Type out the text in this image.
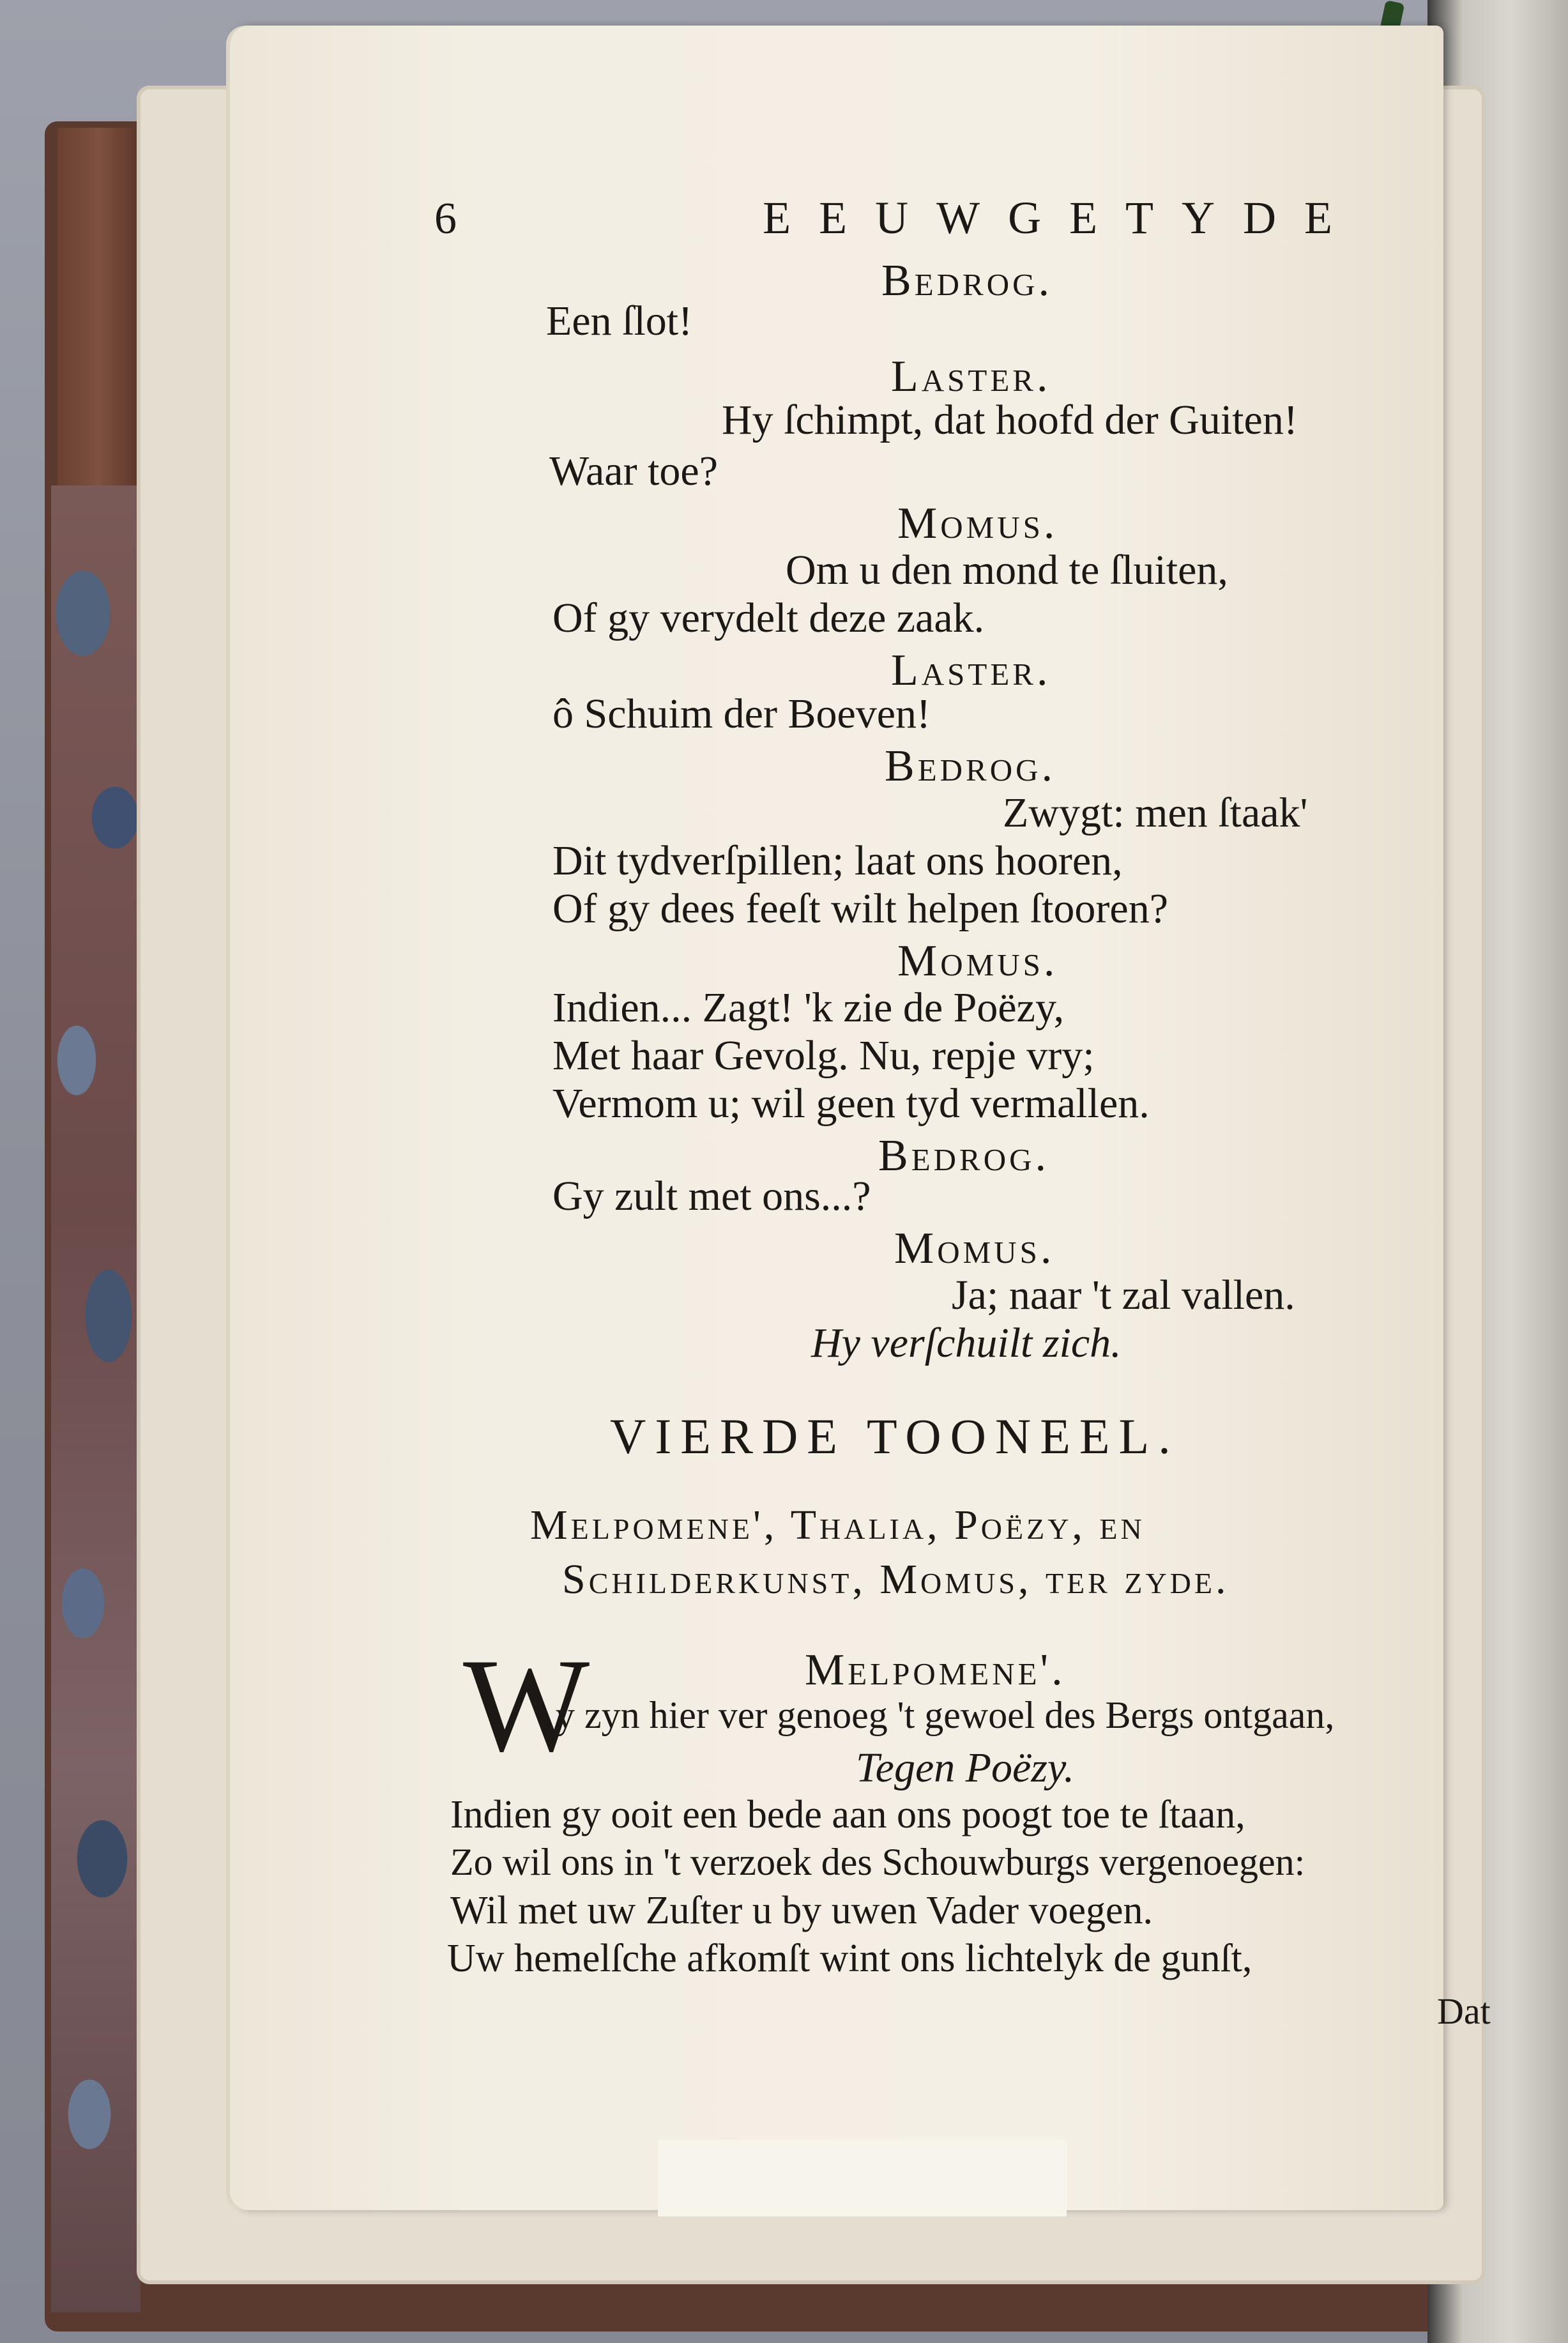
6	EEUWGETYDE

Bedrog.

Een ſlot!

Laster.

Hy ſchimpt, dat hoofd der Guiten!

Waar toe?

Momus.

Om u den mond te ſluiten,

Of gy verydelt deze zaak.

Laster.

ô Schuim der Boeven!

Bedrog.

Zwygt: men ſtaak'

Dit tydverſpillen; laat ons hooren,

Of gy dees feeſt wilt helpen ſtooren?

Momus.

Indien... Zagt! 'k zie de Poëzy,

Met haar Gevolg. Nu, repje vry;

Vermom u; wil geen tyd vermallen.

Bedrog.

Gy zult met ons...?

Momus.

Ja; naar 't zal vallen.

Hy verſchuilt zich.

VIERDE TOONEEL.

Melpomene', Thalia, Poëzy, en

Schilderkunst, Momus, ter zyde.

Melpomene'.

W

y zyn hier ver genoeg 't gewoel des Bergs ontgaan,

Tegen Poëzy.

Indien gy ooit een bede aan ons poogt toe te ſtaan,

Zo wil ons in 't verzoek des Schouwburgs vergenoegen:

Wil met uw Zuſter u by uwen Vader voegen.

Uw hemelſche afkomſt wint ons lichtelyk de gunſt,

Dat
